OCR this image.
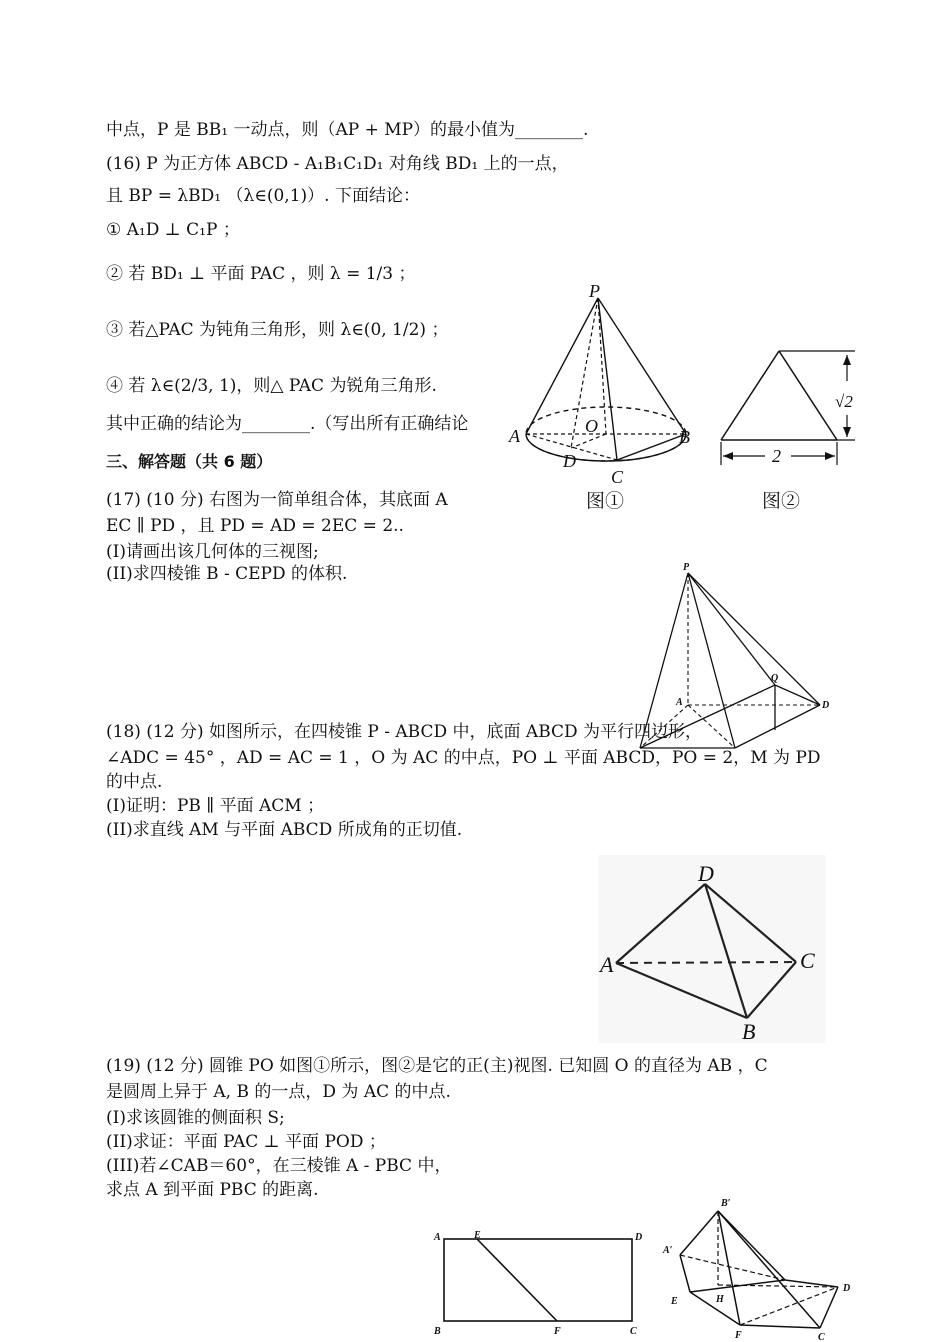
中点，P 是 BB₁ 一动点，则（AP + MP）的最小值为________.
(16) P 为正方体 ABCD - A₁B₁C₁D₁ 对角线 BD₁ 上的一点，
且 BP = λBD₁ （λ∈(0,1)）. 下面结论：
① A₁D ⊥ C₁P ；
② 若 BD₁ ⊥ 平面 PAC ，则 λ = 1/3 ；
③ 若△PAC 为钝角三角形，则 λ∈(0, 1/2) ；
④ 若 λ∈(2/3, 1)，则△ PAC 为锐角三角形.
其中正确的结论为________.（写出所有正确结论
三、解答题（共 6 题）
(17) (10 分) 右图为一简单组合体，其底面 A
EC ∥ PD ，且 PD = AD = 2EC = 2..
(I)请画出该几何体的三视图;
(II)求四棱锥 B - CEPD 的体积.
(18) (12 分) 如图所示，在四棱锥 P - ABCD 中，底面 ABCD 为平行四边形，
∠ADC = 45° ，AD = AC = 1 ，O 为 AC 的中点，PO ⊥ 平面 ABCD，PO = 2，M 为 PD
的中点.
(I)证明：PB ∥ 平面 ACM ；
(II)求直线 AM 与平面 ABCD 所成角的正切值.
(19) (12 分) 圆锥 PO 如图①所示，图②是它的正(主)视图. 已知圆 O 的直径为 AB ，C
是圆周上异于 A, B 的一点，D 为 AC 的中点.
(I)求该圆锥的侧面积 S;
(II)求证：平面 PAC ⊥ 平面 POD ；
(III)若∠CAB＝60°，在三棱锥 A - PBC 中，
求点 A 到平面 PBC 的距离.
P
A	B
O
D
C
图①
√2
2
图②
P
Q
A	D
D
A	C
B
A	E	D
B	F	C
B′
A′
E	H
F	C
D
